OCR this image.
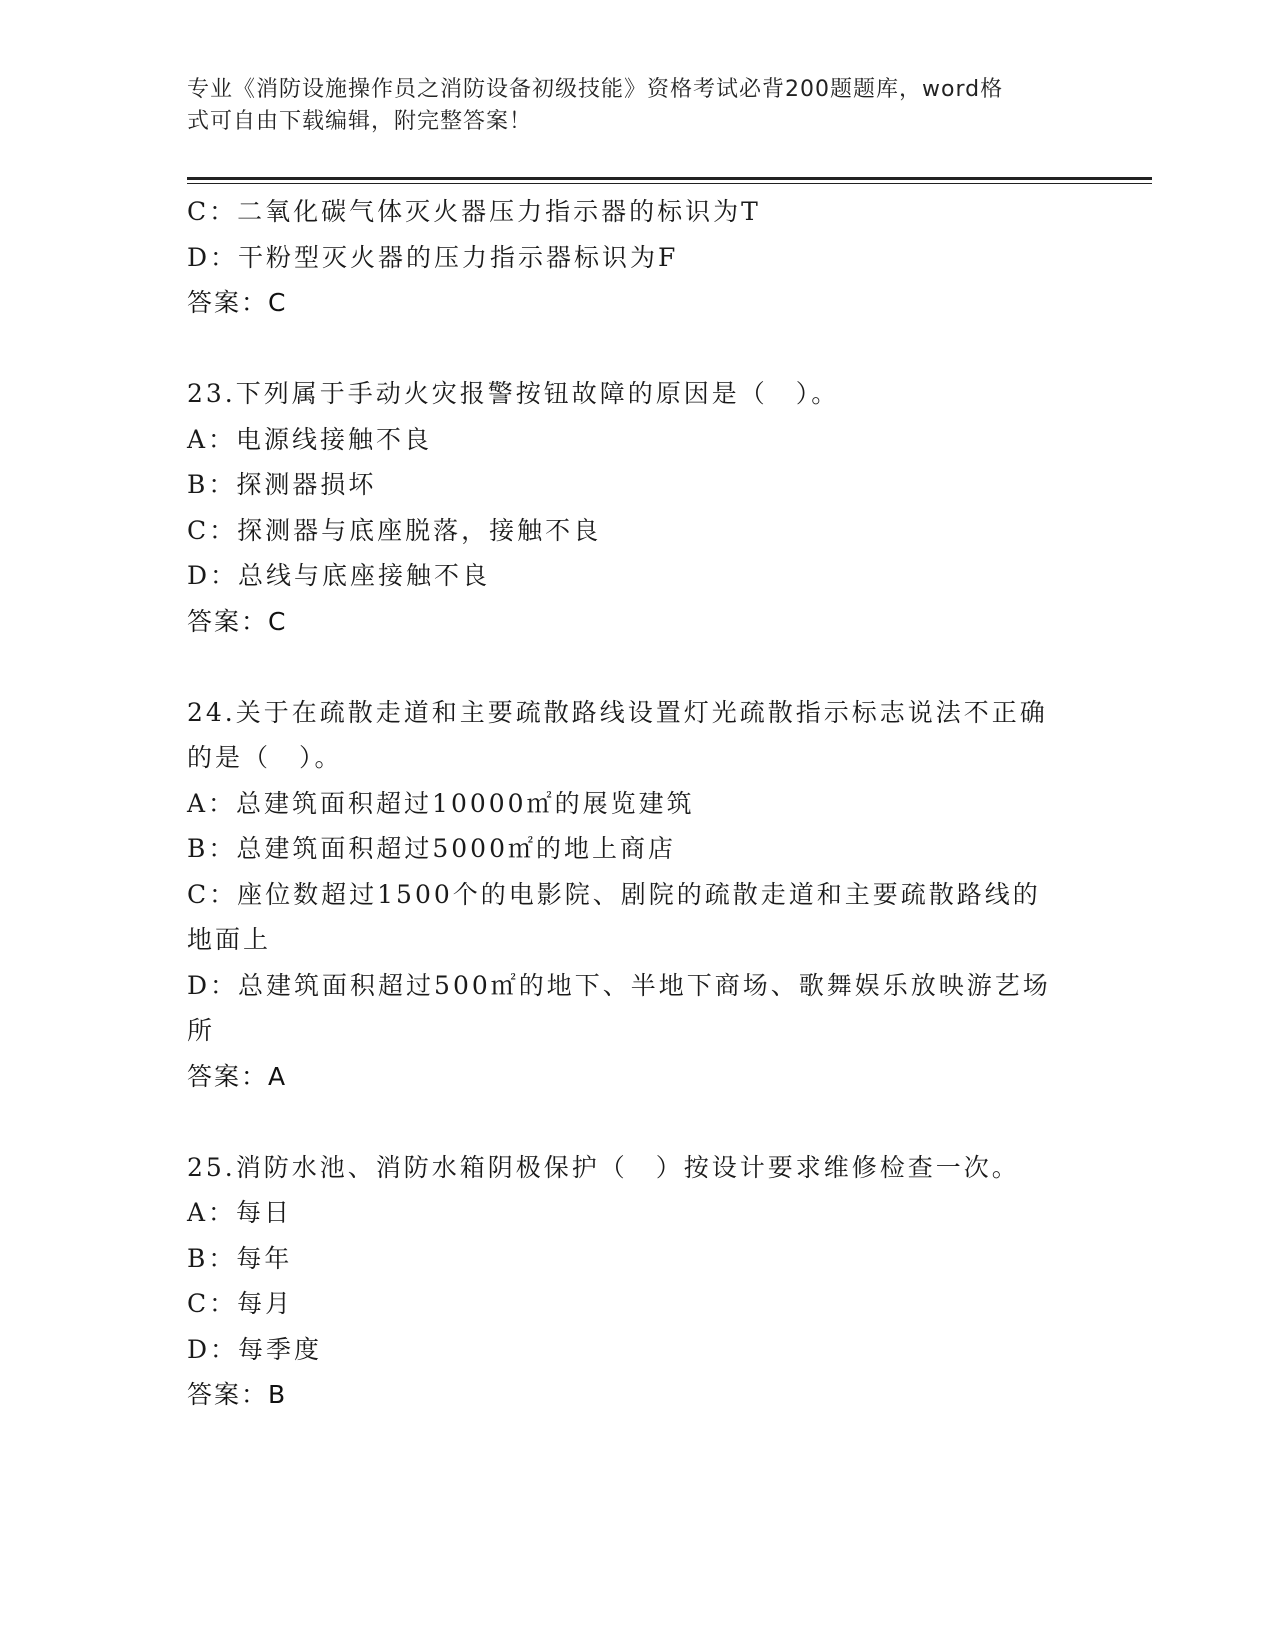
专业《消防设施操作员之消防设备初级技能》资格考试必背200题题库，word格
式可自由下载编辑，附完整答案！
C：二氧化碳气体灭火器压力指示器的标识为T
D：干粉型灭火器的压力指示器标识为F
答案：C
23.下列属于手动火灾报警按钮故障的原因是（　）。
A：电源线接触不良
B：探测器损坏
C：探测器与底座脱落，接触不良
D：总线与底座接触不良
答案：C
24.关于在疏散走道和主要疏散路线设置灯光疏散指示标志说法不正确
的是（　）。
A：总建筑面积超过10000㎡的展览建筑
B：总建筑面积超过5000㎡的地上商店
C：座位数超过1500个的电影院、剧院的疏散走道和主要疏散路线的
地面上
D：总建筑面积超过500㎡的地下、半地下商场、歌舞娱乐放映游艺场
所
答案：A
25.消防水池、消防水箱阴极保护（　）按设计要求维修检查一次。
A：每日
B：每年
C：每月
D：每季度
答案：B
